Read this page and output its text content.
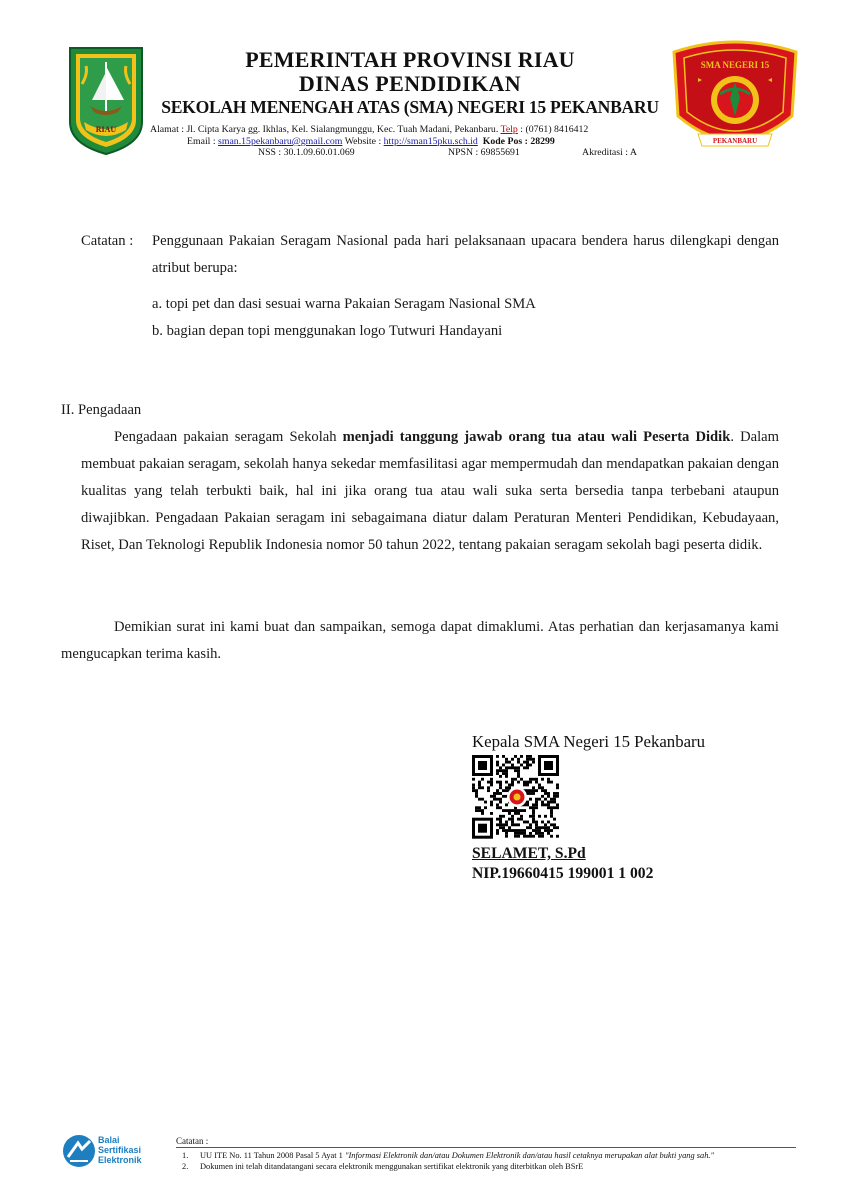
RIAU
PEMERINTAH PROVINSI RIAU
DINAS PENDIDIKAN
SEKOLAH MENENGAH ATAS (SMA) NEGERI 15 PEKANBARU
Alamat : Jl. Cipta Karya gg. Ikhlas, Kel. Sialangmunggu, Kec. Tuah Madani, Pekanbaru. Telp : (0761) 8416412
Email : sman.15pekanbaru@gmail.com Website : http://sman15pku.sch.id Kode Pos : 28299
NSS : 30.1.09.60.01.069	NPSN : 69855691	Akreditasi : A
SMA NEGERI 15
PEKANBARU
Catatan : Penggunaan Pakaian Seragam Nasional pada hari pelaksanaan upacara bendera harus dilengkapi dengan atribut berupa:
a. topi pet dan dasi sesuai warna Pakaian Seragam Nasional SMA
b. bagian depan topi menggunakan logo Tutwuri Handayani
II. Pengadaan
Pengadaan pakaian seragam Sekolah menjadi tanggung jawab orang tua atau wali Peserta Didik. Dalam membuat pakaian seragam, sekolah hanya sekedar memfasilitasi agar mempermudah dan mendapatkan pakaian dengan kualitas yang telah terbukti baik, hal ini jika orang tua atau wali suka serta bersedia tanpa terbebani ataupun diwajibkan. Pengadaan Pakaian seragam ini sebagaimana diatur dalam Peraturan Menteri Pendidikan, Kebudayaan, Riset, Dan Teknologi Republik Indonesia nomor 50 tahun 2022, tentang pakaian seragam sekolah bagi peserta didik.
Demikian surat ini kami buat dan sampaikan, semoga dapat dimaklumi. Atas perhatian dan kerjasamanya kami mengucapkan terima kasih.
Kepala SMA Negeri 15 Pekanbaru
SELAMET, S.Pd
NIP.19660415 199001 1 002
Balai
Sertifikasi
Elektronik
Catatan :
1. UU ITE No. 11 Tahun 2008 Pasal 5 Ayat 1 "Informasi Elektronik dan/atau Dokumen Elektronik dan/atau hasil cetaknya merupakan alat bukti yang sah."
2. Dokumen ini telah ditandatangani secara elektronik menggunakan sertifikat elektronik yang diterbitkan oleh BSrE
